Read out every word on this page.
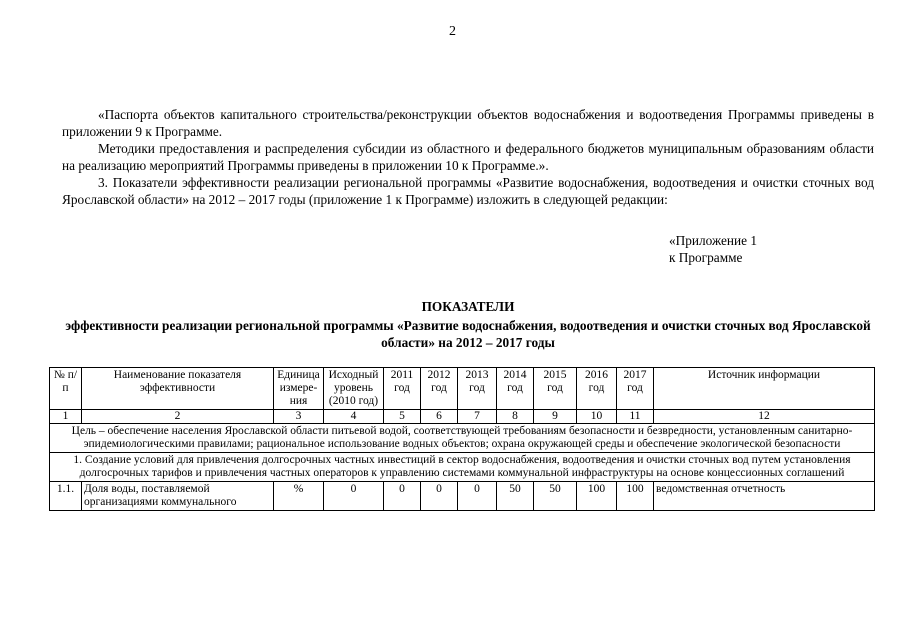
2

«Паспорта объектов капитального строительства/реконструкции объектов водоснабжения и водоотведения Программы приведены в приложении 9 к Программе.

Методики предоставления и распределения субсидии из областного и федерального бюджетов муниципальным образованиям области на реализацию мероприятий Программы приведены в приложении 10 к Программе.».

3. Показатели эффективности реализации региональной программы «Развитие водоснабжения, водоотведения и очистки сточных вод Ярославской области» на 2012 – 2017 годы (приложение 1 к Программе) изложить в следующей редакции:

«Приложение 1
к Программе
ПОКАЗАТЕЛИ
эффективности реализации региональной программы «Развитие водоснабжения, водоотведения и очистки сточных вод Ярославской области» на 2012 – 2017 годы
№ п/п	Наименование показателя эффективности	Единица измерения	Исходный уровень (2010 год)	2011 год	2012 год	2013 год	2014 год	2015 год	2016 год	2017 год	Источник информации
1	2	3	4	5	6	7	8	9	10	11	12
Цель – обеспечение населения Ярославской области питьевой водой, соответствующей требованиям безопасности и безвредности, установленным санитарно-эпидемиологическими правилами; рациональное использование водных объектов; охрана окружающей среды и обеспечение экологической безопасности											
1. Создание условий для привлечения долгосрочных частных инвестиций в сектор водоснабжения, водоотведения и очистки сточных вод путем установления долгосрочных тарифов и привлечения частных операторов к управлению системами коммунальной инфраструктуры на основе концессионных соглашений											
1.1.	Доля воды, поставляемой организациями коммунального	%	0	0	0	0	50	50	100	100	ведомственная отчетность
